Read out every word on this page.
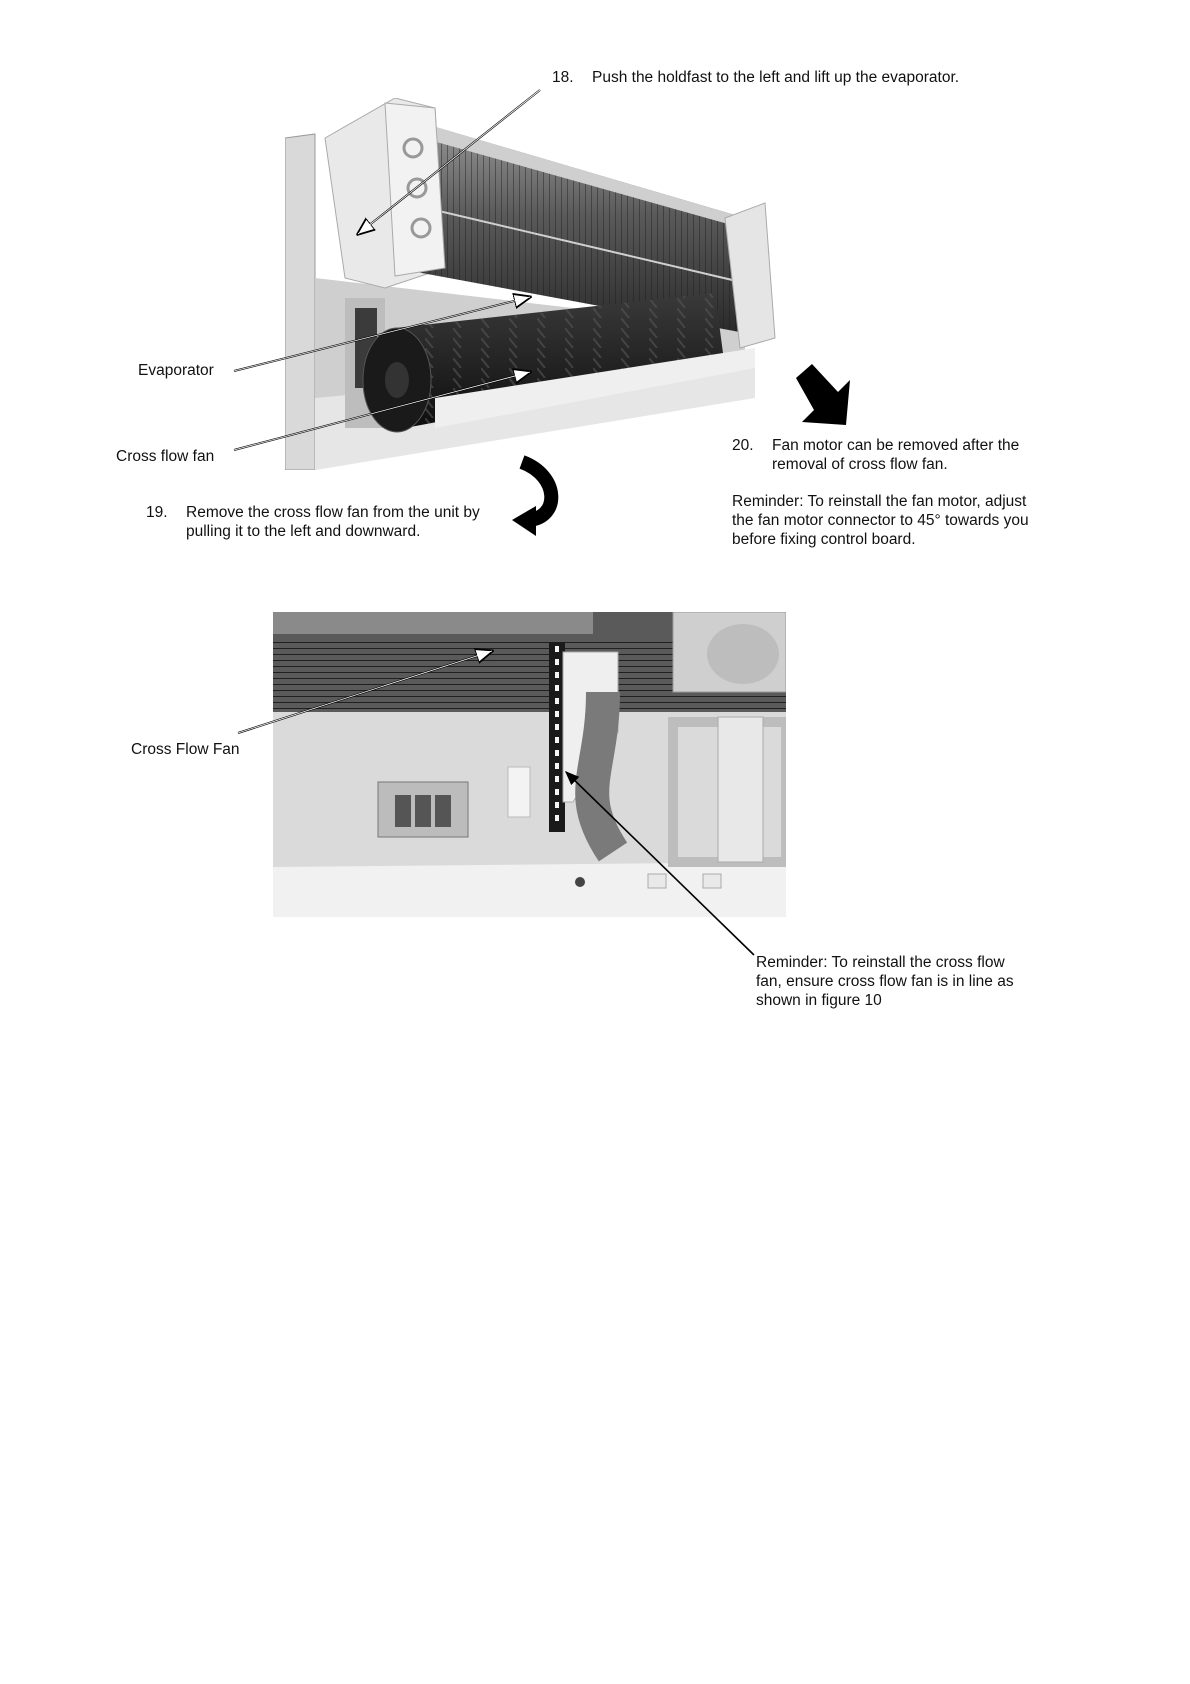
18.	Push the holdfast to the left and lift up the evaporator.
Evaporator
Cross flow fan
20.	Fan motor can be removed after the
removal of cross flow fan.
19.	Remove the cross flow fan from the unit by
pulling it to the left and downward.
Reminder: To reinstall the fan motor, adjust
the fan motor connector to 45° towards you
before fixing control board.
Cross Flow Fan
Reminder: To reinstall the cross flow
fan, ensure cross flow fan is in line as
shown in figure 10
